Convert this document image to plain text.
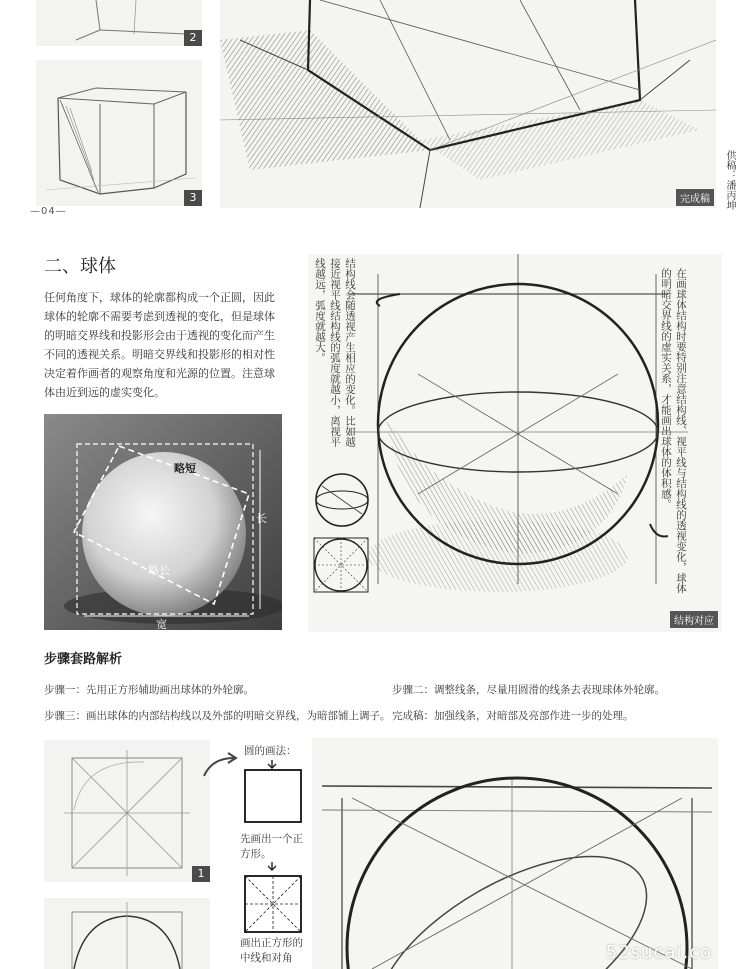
2
3
—04—
完成稿	供稿：潘丙坤
二、球体
任何角度下，球体的轮廓都构成一个正圆，因此球体的轮廓不需要考虑到透视的变化，但是球体的明暗交界线和投影形会由于透视的变化而产生不同的透视关系。明暗交界线和投影形的相对性决定着作画者的观察角度和光源的位置。注意球体由近到远的虚实变化。
略短
略长
长
宽
结构线会随透视产生相应的变化。比如越接近视平线结构线的弧度就越小，离视平线越远，弧度就越大。	在画球体结构时要特别注意结构线、视平线与结构线的透视变化，球体的明暗交界线的虚实关系，才能画出球体的体积感。
结构对应
步骤套路解析
步骤一：先用正方形辅助画出球体的外轮廓。	步骤二：调整线条，尽量用圆滑的线条去表现球体外轮廓。
步骤三：画出球体的内部结构线以及外部的明暗交界线，为暗部铺上调子。 完成稿：加强线条，对暗部及亮部作进一步的处理。
1
圆的画法：
先画出一个正方形。
画出正方形的中线和对角	52sucai.co
